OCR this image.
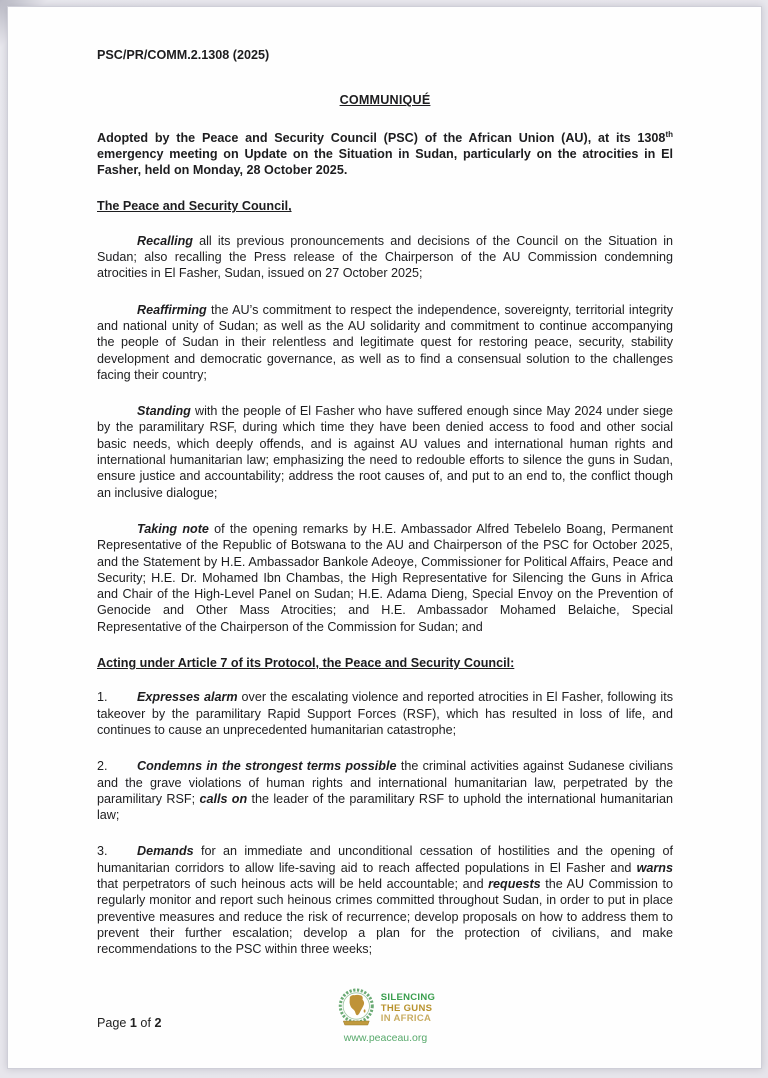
PSC/PR/COMM.2.1308 (2025)

COMMUNIQUÉ

Adopted by the Peace and Security Council (PSC) of the African Union (AU), at its 1308th emergency meeting on Update on the Situation in Sudan, particularly on the atrocities in El Fasher, held on Monday, 28 October 2025.

The Peace and Security Council,

Recalling all its previous pronouncements and decisions of the Council on the Situation in Sudan; also recalling the Press release of the Chairperson of the AU Commission condemning atrocities in El Fasher, Sudan, issued on 27 October 2025;

Reaffirming the AU’s commitment to respect the independence, sovereignty, territorial integrity and national unity of Sudan; as well as the AU solidarity and commitment to continue accompanying the people of Sudan in their relentless and legitimate quest for restoring peace, security, stability development and democratic governance, as well as to find a consensual solution to the challenges facing their country;

Standing with the people of El Fasher who have suffered enough since May 2024 under siege by the paramilitary RSF, during which time they have been denied access to food and other social basic needs, which deeply offends, and is against AU values and international human rights and international humanitarian law; emphasizing the need to redouble efforts to silence the guns in Sudan, ensure justice and accountability; address the root causes of, and put to an end to, the conflict though an inclusive dialogue;

Taking note of the opening remarks by H.E. Ambassador Alfred Tebelelo Boang, Permanent Representative of the Republic of Botswana to the AU and Chairperson of the PSC for October 2025, and the Statement by H.E. Ambassador Bankole Adeoye, Commissioner for Political Affairs, Peace and Security; H.E. Dr. Mohamed Ibn Chambas, the High Representative for Silencing the Guns in Africa and Chair of the High-Level Panel on Sudan; H.E. Adama Dieng, Special Envoy on the Prevention of Genocide and Other Mass Atrocities; and H.E. Ambassador Mohamed Belaiche, Special Representative of the Chairperson of the Commission for Sudan; and

Acting under Article 7 of its Protocol, the Peace and Security Council:

1. Expresses alarm over the escalating violence and reported atrocities in El Fasher, following its takeover by the paramilitary Rapid Support Forces (RSF), which has resulted in loss of life, and continues to cause an unprecedented humanitarian catastrophe;

2. Condemns in the strongest terms possible the criminal activities against Sudanese civilians and the grave violations of human rights and international humanitarian law, perpetrated by the paramilitary RSF; calls on the leader of the paramilitary RSF to uphold the international humanitarian law;

3. Demands for an immediate and unconditional cessation of hostilities and the opening of humanitarian corridors to allow life-saving aid to reach affected populations in El Fasher and warns that perpetrators of such heinous acts will be held accountable; and requests the AU Commission to regularly monitor and report such heinous crimes committed throughout Sudan, in order to put in place preventive measures and reduce the risk of recurrence; develop proposals on how to address them to prevent their further escalation; develop a plan for the protection of civilians, and make recommendations to the PSC within three weeks;

Page 1 of 2
SILENCING
THE GUNS
IN AFRICA
www.peaceau.org
